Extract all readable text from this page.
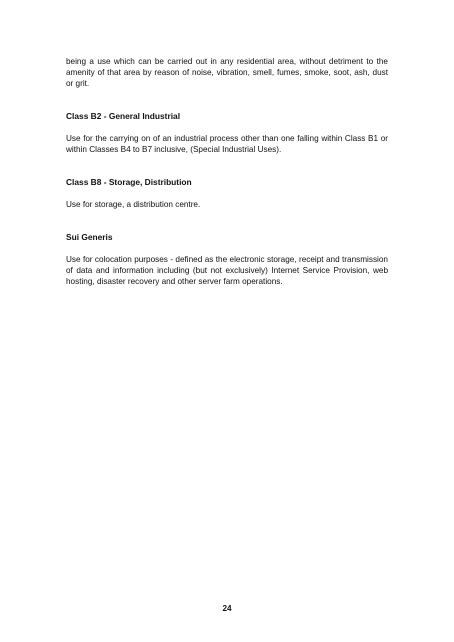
being a use which can be carried out in any residential area, without detriment to the amenity of that area by reason of noise, vibration, smell, fumes, smoke, soot, ash, dust or grit.

Class B2 - General Industrial

Use for the carrying on of an industrial process other than one falling within Class B1 or within Classes B4 to B7 inclusive, (Special Industrial Uses).

Class B8 - Storage, Distribution

Use for storage, a distribution centre.

Sui Generis

Use for colocation purposes - defined as the electronic storage, receipt and transmission of data and information including (but not exclusively) Internet Service Provision, web hosting, disaster recovery and other server farm operations.

24
